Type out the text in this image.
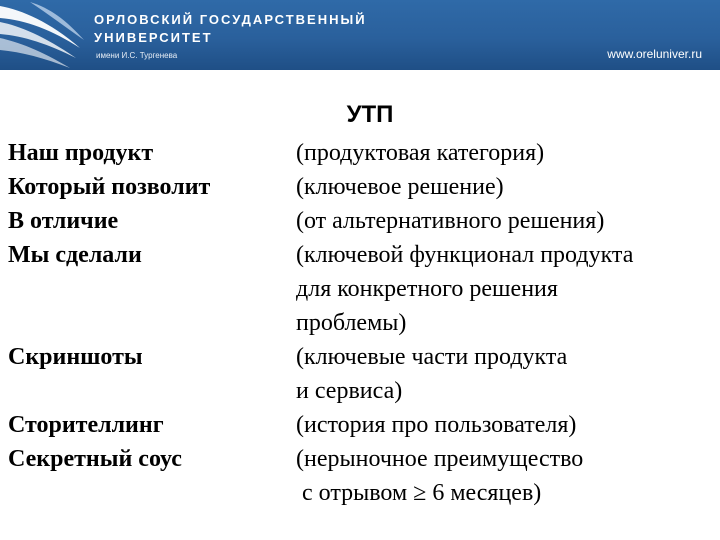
ОРЛОВСКИЙ ГОСУДАРСТВЕННЫЙ
УНИВЕРСИТЕТ
имени И.С. Тургенева	www.oreluniver.ru
УТП
Наш продукт
Который позволит
В отличие
Мы сделали
Скриншоты
Сторителлинг
Секретный соус
(продуктовая категория)
(ключевое решение)
(от альтернативного решения)
(ключевой функционал продукта
для конкретного решения
проблемы)
(ключевые части продукта
и сервиса)
(история про пользователя)
(нерыночное преимущество
с отрывом ≥ 6 месяцев)
